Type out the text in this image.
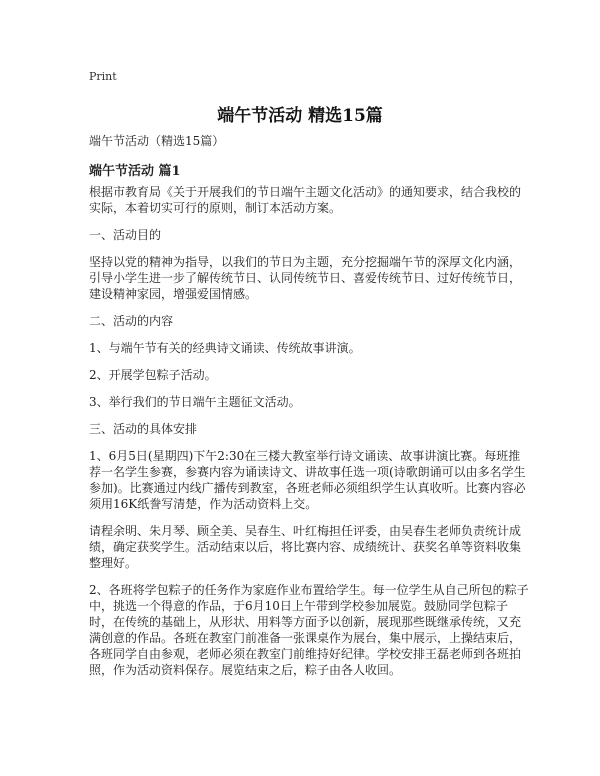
Print
端午节活动 精选15篇
端午节活动（精选15篇）
端午节活动 篇1

根据市教育局《关于开展我们的节日端午主题文化活动》的通知要求，结合我校的实际，本着切实可行的原则，制订本活动方案。

一、活动目的

坚持以党的精神为指导，以我们的节日为主题，充分挖掘端午节的深厚文化内涵，引导小学生进一步了解传统节日、认同传统节日、喜爱传统节日、过好传统节日，建设精神家园，增强爱国情感。

二、活动的内容

1、与端午节有关的经典诗文诵读、传统故事讲演。

2、开展学包粽子活动。

3、举行我们的节日端午主题征文活动。

三、活动的具体安排

1、6月5日(星期四)下午2:30在三楼大教室举行诗文诵读、故事讲演比赛。每班推荐一名学生参赛，参赛内容为诵读诗文、讲故事任选一项(诗歌朗诵可以由多名学生参加)。比赛通过内线广播传到教室，各班老师必须组织学生认真收听。比赛内容必须用16K纸誊写清楚，作为活动资料上交。

请程余明、朱月琴、顾全美、吴春生、叶红梅担任评委，由吴春生老师负责统计成绩，确定获奖学生。活动结束以后，将比赛内容、成绩统计、获奖名单等资料收集整理好。

2、各班将学包粽子的任务作为家庭作业布置给学生。每一位学生从自己所包的粽子中，挑选一个得意的作品，于6月10日上午带到学校参加展览。鼓励同学包粽子时，在传统的基础上，从形状、用料等方面予以创新，展现那些既继承传统，又充满创意的作品。各班在教室门前准备一张课桌作为展台，集中展示，上操结束后，各班同学自由参观，老师必须在教室门前维持好纪律。学校安排王磊老师到各班拍照，作为活动资料保存。展览结束之后，粽子由各人收回。
